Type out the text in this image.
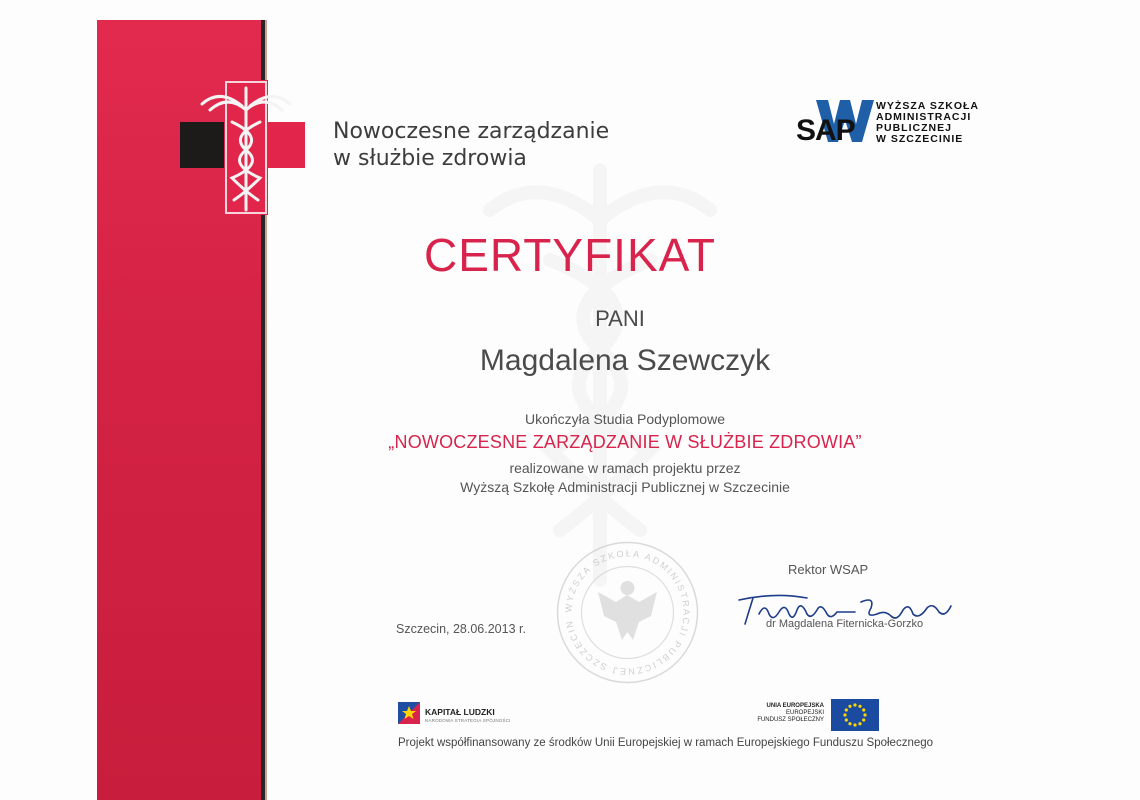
Nowoczesne zarządzanie
w służbie zdrowia
SAP
WYŻSZA SZKOŁA
ADMINISTRACJI
PUBLICZNEJ
W SZCZECINIE
CERTYFIKAT
PANI
Magdalena Szewczyk
Ukończyła Studia Podyplomowe
„NOWOCZESNE ZARZĄDZANIE W SŁUŻBIE ZDROWIA”
realizowane w ramach projektu przez
Wyższą Szkołę Administracji Publicznej w Szczecinie
WYŻSZA SZKOŁA ADMINISTRACJI PUBLICZNEJ SZCZECIN
Szczecin, 28.06.2013 r.
Rektor WSAP
dr Magdalena Fiternicka-Gorzko
KAPITAŁ LUDZKI
NARODOWA STRATEGIA SPÓJNOŚCI
UNIA EUROPEJSKA
EUROPEJSKI
FUNDUSZ SPOŁECZNY
Projekt współfinansowany ze środków Unii Europejskiej w ramach Europejskiego Funduszu Społecznego
